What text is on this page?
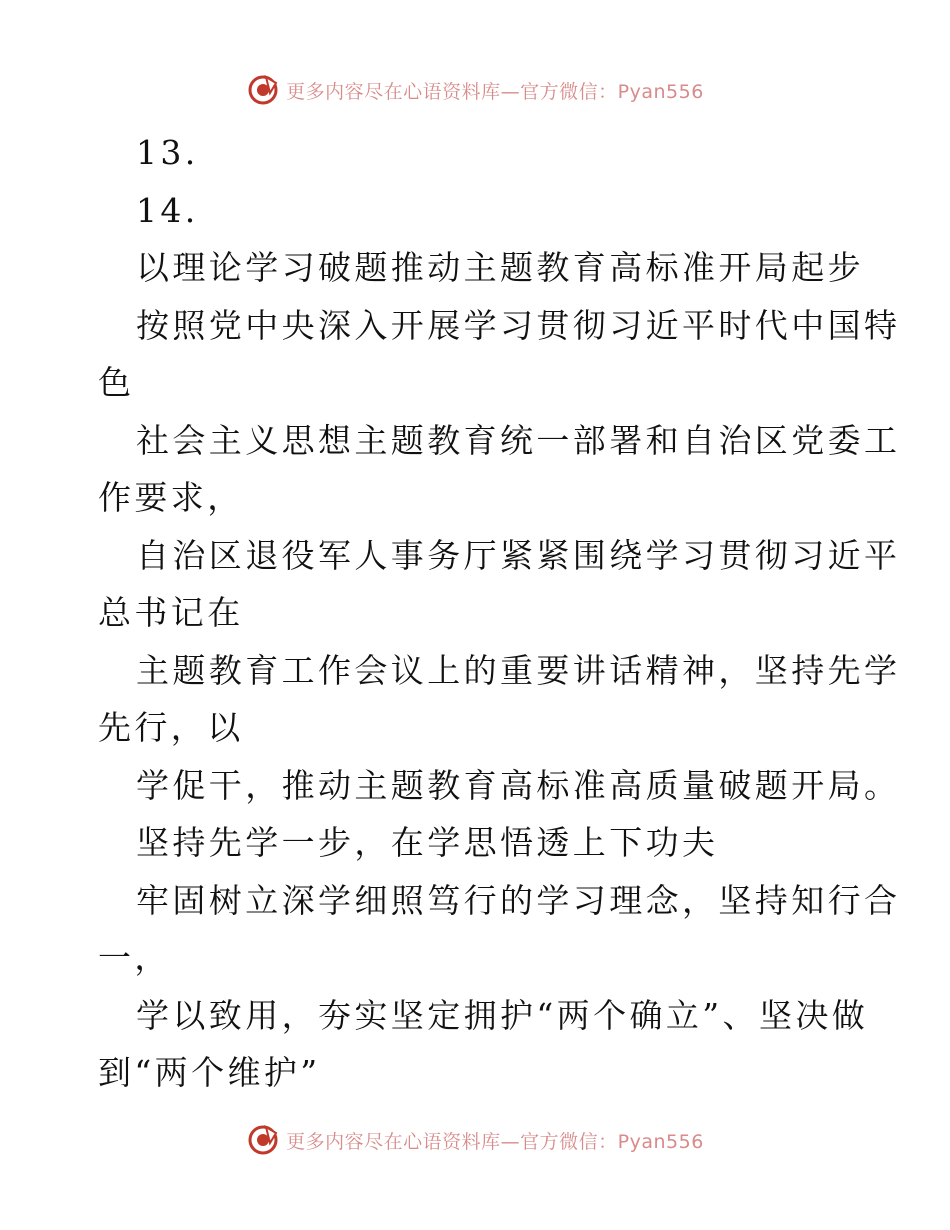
更多内容尽在心语资料库—官方微信：Pyan556
13.
14.
以理论学习破题推动主题教育高标准开局起步
按照党中央深入开展学习贯彻习近平时代中国特
色
社会主义思想主题教育统一部署和自治区党委工
作要求，
自治区退役军人事务厅紧紧围绕学习贯彻习近平
总书记在
主题教育工作会议上的重要讲话精神，坚持先学
先行，以
学促干，推动主题教育高标准高质量破题开局。
坚持先学一步，在学思悟透上下功夫
牢固树立深学细照笃行的学习理念，坚持知行合
一，
学以致用，夯实坚定拥护“两个确立”、坚决做
到“两个维护”
更多内容尽在心语资料库—官方微信：Pyan556
